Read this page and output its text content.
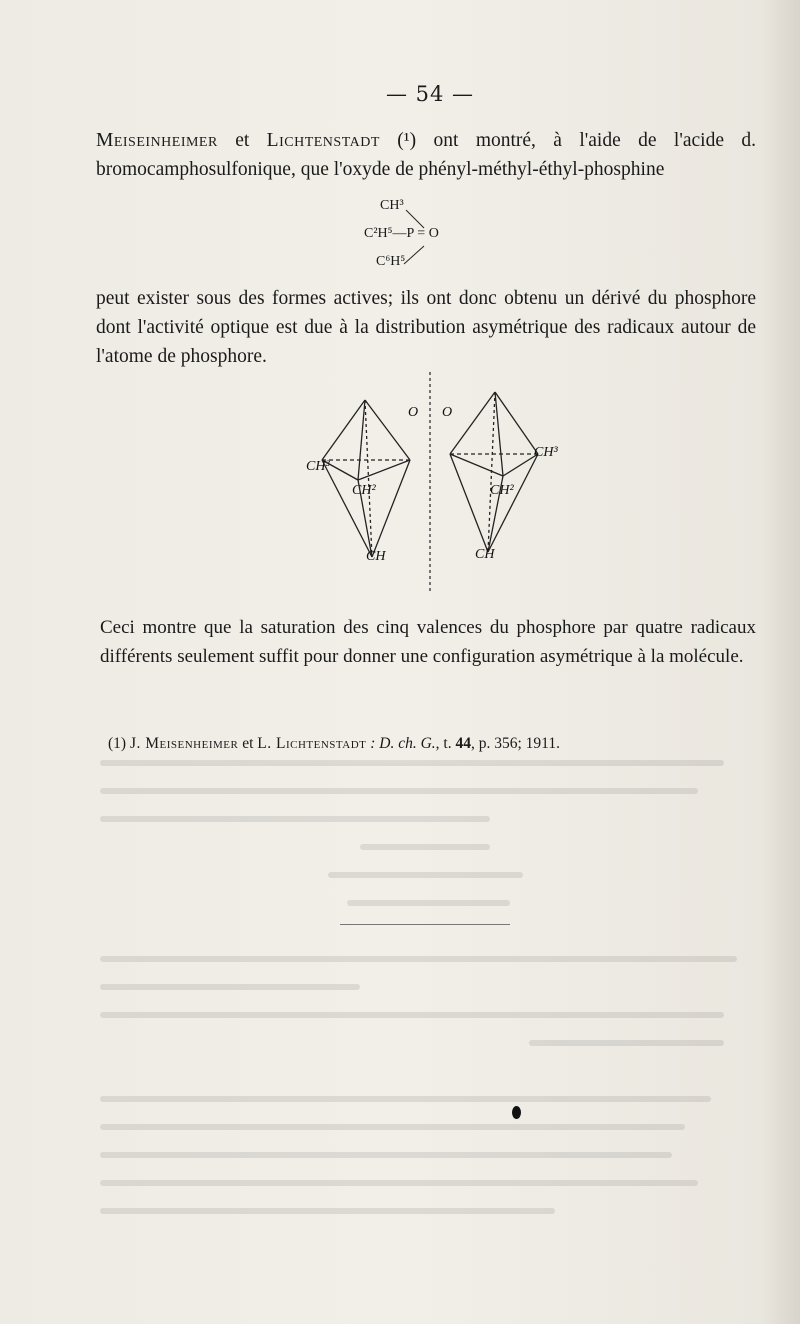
— 54 —
Meiseinheimer et Lichtenstadt (¹) ont montré, à l'aide de l'acide d. bromocamphosulfonique, que l'oxyde de phényl-méthyl-éthyl-phosphine
CH³
C²H⁵—P = O
C⁶H⁵
peut exister sous des formes actives; ils ont donc obtenu un dérivé du phosphore dont l'activité optique est due à la distribution asymétrique des radicaux autour de l'atome de phosphore.
O
CH³
CH²
CH
O
CH³
CH²
CH
Ceci montre que la saturation des cinq valences du phosphore par quatre radicaux différents seulement suffit pour donner une configuration asymétrique à la molécule.
(1) J. Meisenheimer et L. Lichtenstadt : D. ch. G., t. 44, p. 356; 1911.
